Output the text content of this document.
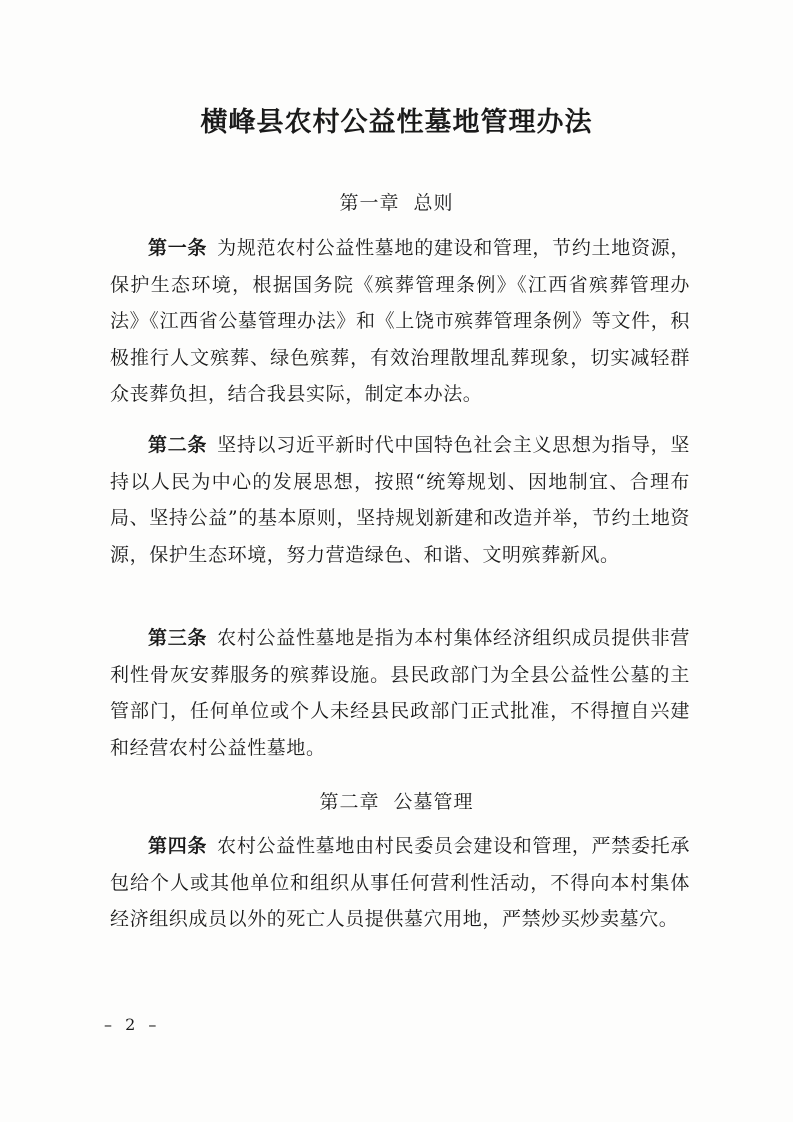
横峰县农村公益性墓地管理办法
第一章 总则
第一条 为规范农村公益性墓地的建设和管理，节约土地资源，保护生态环境，根据国务院《殡葬管理条例》《江西省殡葬管理办法》《江西省公墓管理办法》和《上饶市殡葬管理条例》等文件，积极推行人文殡葬、绿色殡葬，有效治理散埋乱葬现象，切实减轻群众丧葬负担，结合我县实际，制定本办法。
第二条 坚持以习近平新时代中国特色社会主义思想为指导，坚持以人民为中心的发展思想，按照“统筹规划、因地制宜、合理布局、坚持公益”的基本原则，坚持规划新建和改造并举，节约土地资源，保护生态环境，努力营造绿色、和谐、文明殡葬新风。
第三条 农村公益性墓地是指为本村集体经济组织成员提供非营利性骨灰安葬服务的殡葬设施。县民政部门为全县公益性公墓的主管部门，任何单位或个人未经县民政部门正式批准，不得擅自兴建和经营农村公益性墓地。
第二章 公墓管理
第四条 农村公益性墓地由村民委员会建设和管理，严禁委托承包给个人或其他单位和组织从事任何营利性活动，不得向本村集体经济组织成员以外的死亡人员提供墓穴用地，严禁炒买炒卖墓穴。
– 2 –
